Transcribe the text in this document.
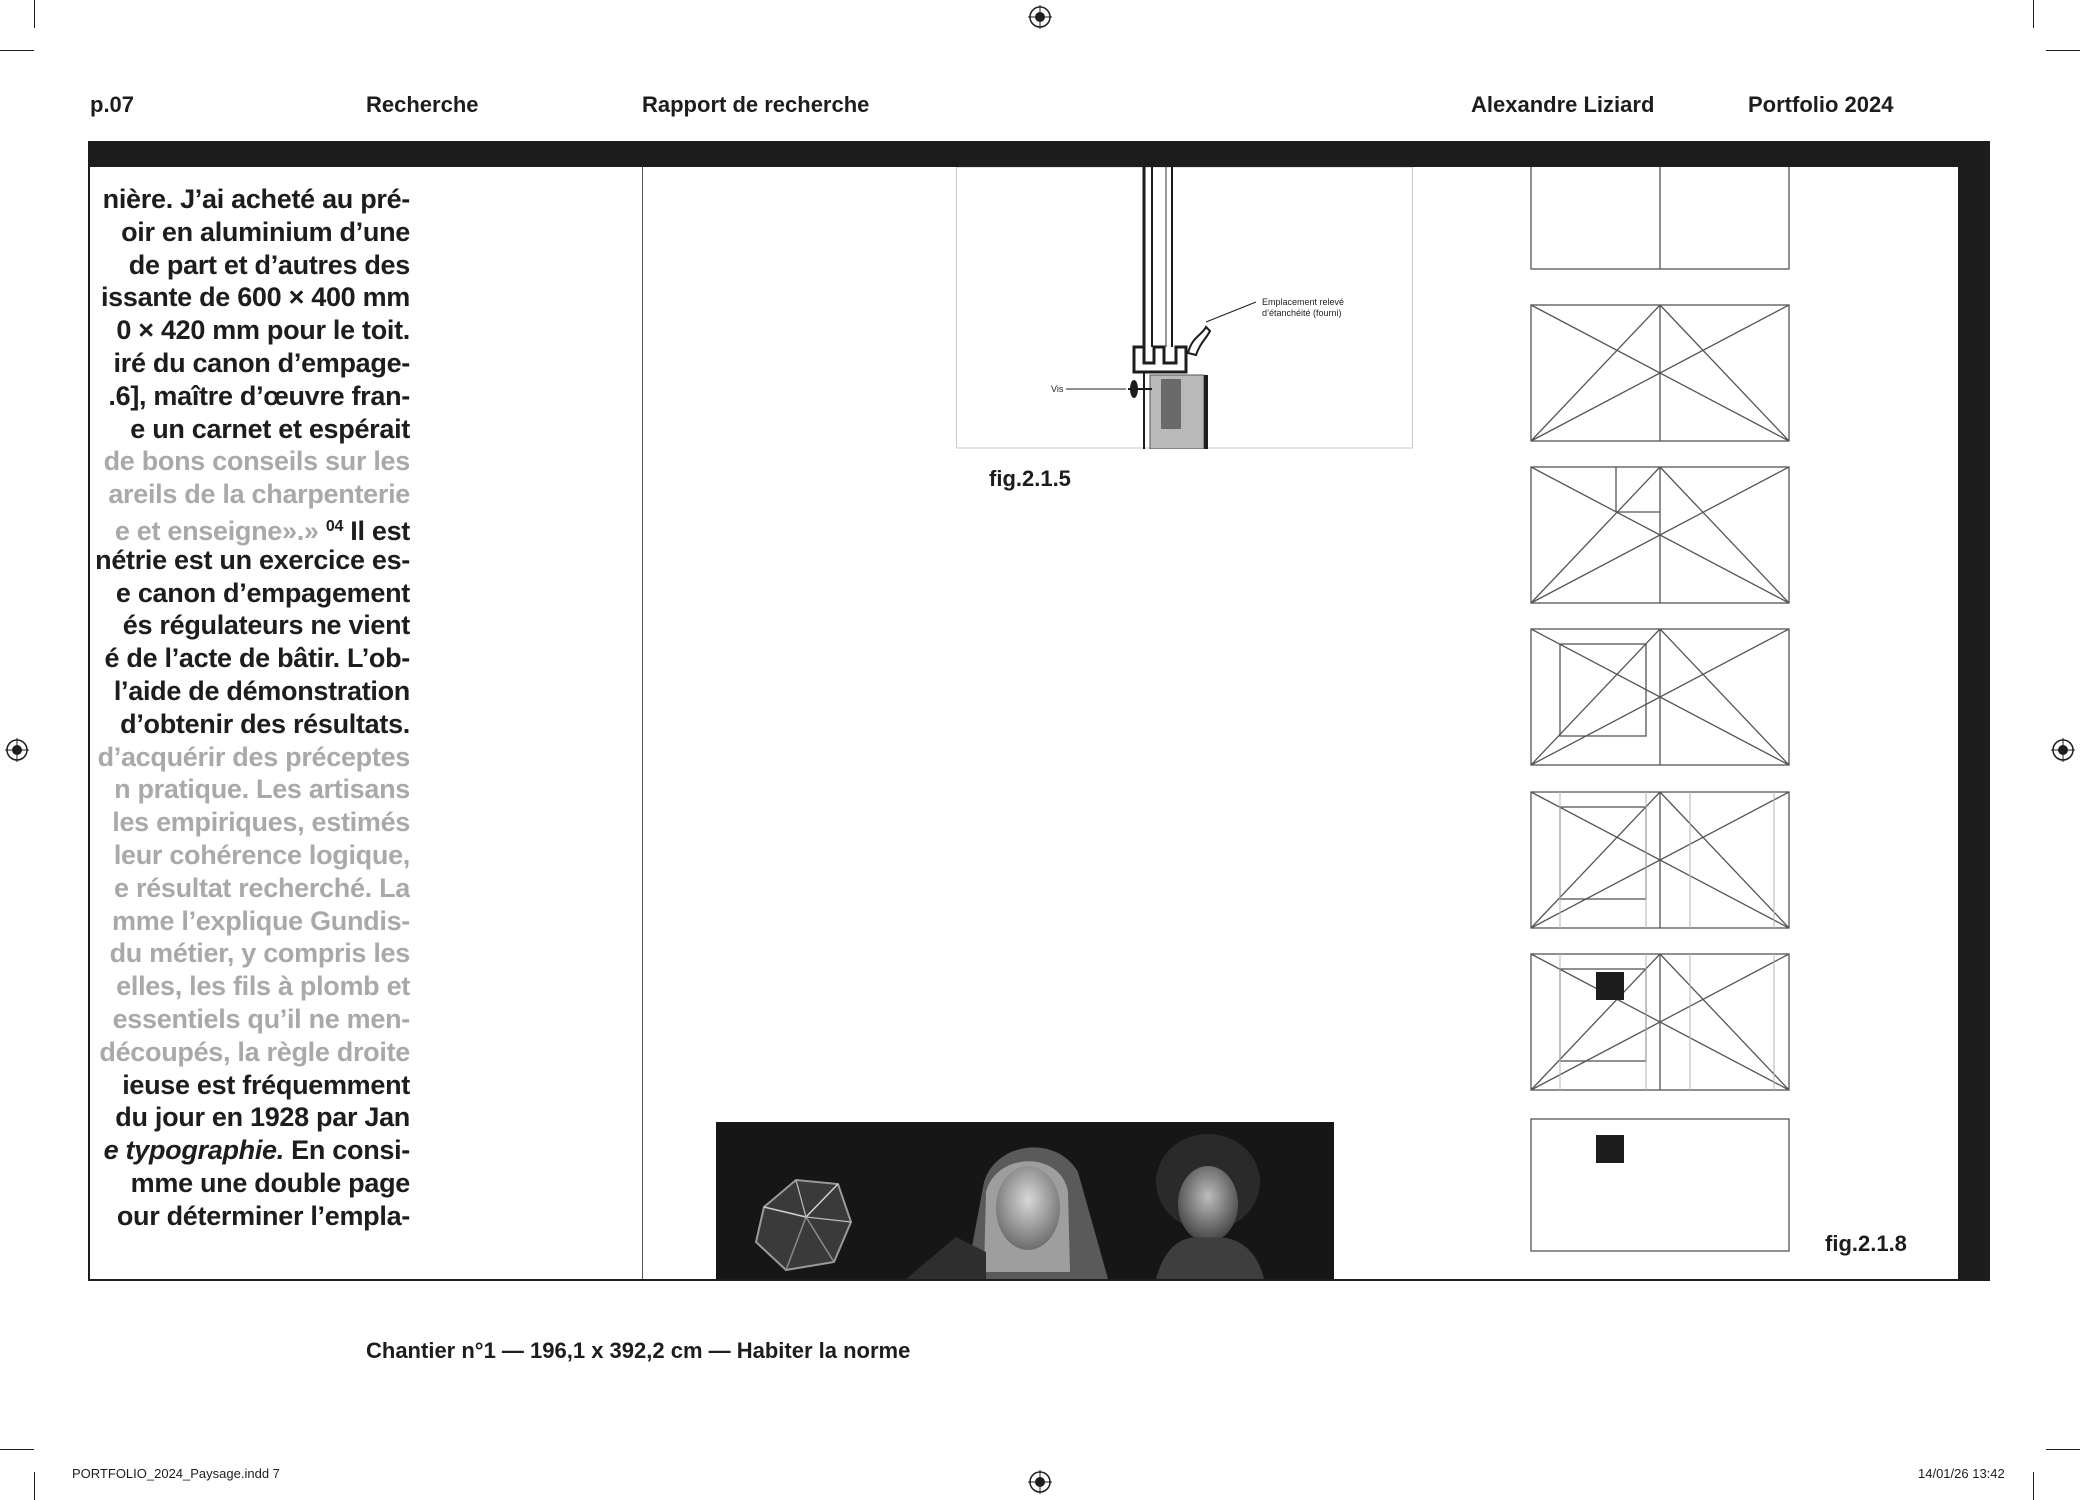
p.07	Recherche	Rapport de recherche	Alexandre Liziard	Portfolio 2024
nière. J’ai acheté au pré-
oir en aluminium d’une
de part et d’autres des
issante de 600 × 400 mm
0 × 420 mm pour le toit.
iré du canon d’empage-
.6], maître d’œuvre fran-
e un carnet et espérait
de bons conseils sur les
areils de la charpenterie
e et enseigne».» $^{04}$ Il est
nétrie est un exercice es-
e canon d’empagement
és régulateurs ne vient
é de l’acte de bâtir. L’ob-
l’aide de démonstration
d’obtenir des résultats.
d’acquérir des préceptes
n pratique. Les artisans
les empiriques, estimés
leur cohérence logique,
e résultat recherché. La
mme l’explique Gundis-
du métier, y compris les
elles, les fils à plomb et
essentiels qu’il ne men-
découpés, la règle droite
ieuse est fréquemment
du jour en 1928 par Jan
e typographie. En consi-
mme une double page
our déterminer l’empla-
Emplacement relevé
d’étanchéité (fourni)
Vis
fig.2.1.5
fig.2.1.8
Chantier n°1 — 196,1 x 392,2 cm — Habiter la norme
PORTFOLIO_2024_Paysage.indd 7	14/01/26 13:42
